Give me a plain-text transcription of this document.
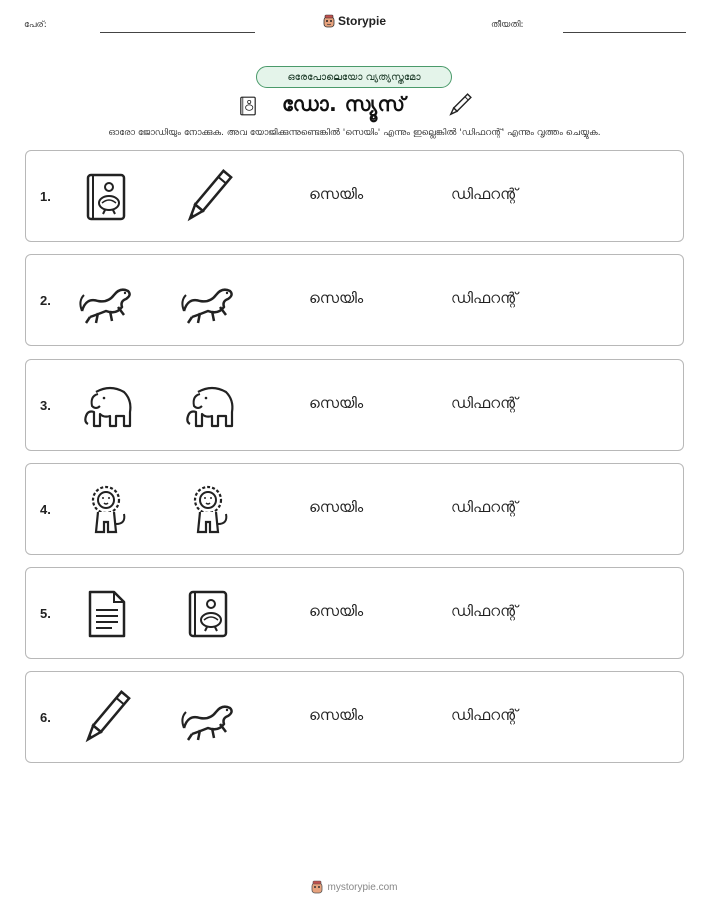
പേര്:	Storypie	തീയതി:
ഒരേപോലെയോ വ്യത്യസ്തമോ
ഡോ. സ്യൂസ്
ഓരോ ജോഡിയും നോക്കുക. അവ യോജിക്കുന്നുണ്ടെങ്കിൽ 'സെയിം' എന്നും ഇല്ലെങ്കിൽ 'ഡിഫറന്റ്' എന്നും വൃത്തം ചെയ്യുക.
1.	സെയിം	ഡിഫറന്റ്
2.	സെയിം	ഡിഫറന്റ്
3.	സെയിം	ഡിഫറന്റ്
4.	സെയിം	ഡിഫറന്റ്
5.	സെയിം	ഡിഫറന്റ്
6.	സെയിം	ഡിഫറന്റ്
mystorypie.com
